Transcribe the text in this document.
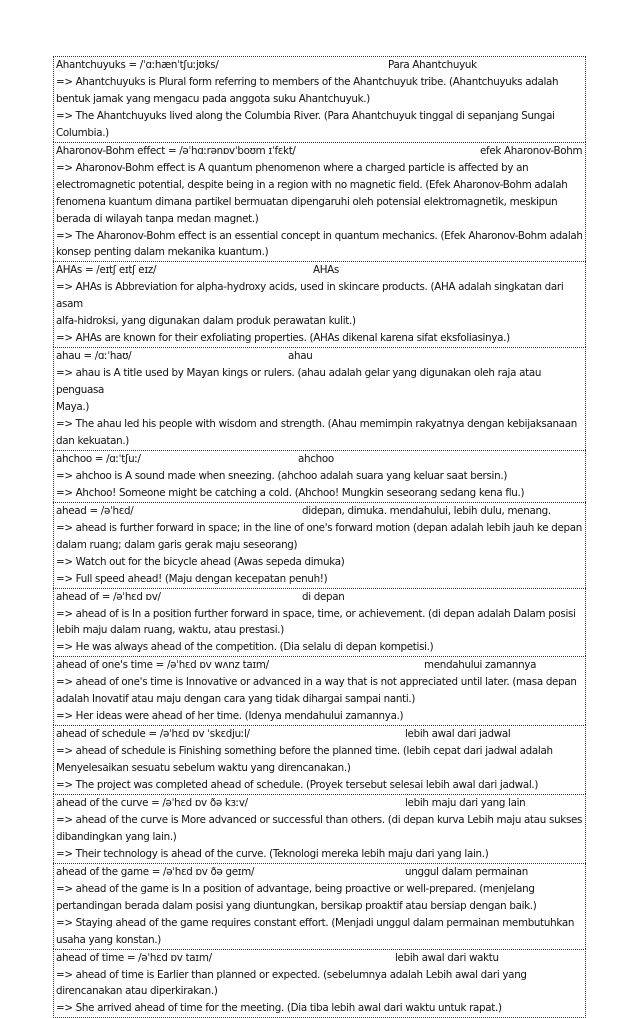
Ahantchuyuks = /ˈɑːhænˈtʃuːjʊks/	Para Ahantchuyuk
=> Ahantchuyuks is Plural form referring to members of the Ahantchuyuk tribe. (Ahantchuyuks adalah
bentuk jamak yang mengacu pada anggota suku Ahantchuyuk.)
=> The Ahantchuyuks lived along the Columbia River. (Para Ahantchuyuk tinggal di sepanjang Sungai
Columbia.)
Aharonov-Bohm effect = /əˈhɑːrənɒvˈboʊm ɪˈfɛkt/	efek Aharonov-Bohm
=> Aharonov-Bohm effect is A quantum phenomenon where a charged particle is affected by an
electromagnetic potential, despite being in a region with no magnetic field. (Efek Aharonov-Bohm adalah
fenomena kuantum dimana partikel bermuatan dipengaruhi oleh potensial elektromagnetik, meskipun
berada di wilayah tanpa medan magnet.)
=> The Aharonov-Bohm effect is an essential concept in quantum mechanics. (Efek Aharonov-Bohm adalah
konsep penting dalam mekanika kuantum.)
AHAs = /eɪtʃ eɪtʃ eɪz/	AHAs
=> AHAs is Abbreviation for alpha-hydroxy acids, used in skincare products. (AHA adalah singkatan dari asam
alfa-hidroksi, yang digunakan dalam produk perawatan kulit.)
=> AHAs are known for their exfoliating properties. (AHAs dikenal karena sifat eksfoliasinya.)
ahau = /ɑːˈhaʊ/	ahau
=> ahau is A title used by Mayan kings or rulers. (ahau adalah gelar yang digunakan oleh raja atau penguasa
Maya.)
=> The ahau led his people with wisdom and strength. (Ahau memimpin rakyatnya dengan kebijaksanaan
dan kekuatan.)
ahchoo = /ɑːˈtʃuː/	ahchoo
=> ahchoo is A sound made when sneezing. (ahchoo adalah suara yang keluar saat bersin.)
=> Ahchoo! Someone might be catching a cold. (Ahchoo! Mungkin seseorang sedang kena flu.)
ahead = /əˈhɛd/	didepan, dimuka. mendahului, lebih dulu, menang.
=> ahead is further forward in space; in the line of one's forward motion (depan adalah lebih jauh ke depan
dalam ruang; dalam garis gerak maju seseorang)
=> Watch out for the bicycle ahead (Awas sepeda dimuka)
=> Full speed ahead! (Maju dengan kecepatan penuh!)
ahead of = /əˈhɛd ɒv/	di depan
=> ahead of is In a position further forward in space, time, or achievement. (di depan adalah Dalam posisi
lebih maju dalam ruang, waktu, atau prestasi.)
=> He was always ahead of the competition. (Dia selalu di depan kompetisi.)
ahead of one's time = /əˈhɛd ɒv wʌnz taɪm/	mendahului zamannya
=> ahead of one's time is Innovative or advanced in a way that is not appreciated until later. (masa depan
adalah Inovatif atau maju dengan cara yang tidak dihargai sampai nanti.)
=> Her ideas were ahead of her time. (Idenya mendahului zamannya.)
ahead of schedule = /əˈhɛd ɒv ˈskɛdjuːl/	lebih awal dari jadwal
=> ahead of schedule is Finishing something before the planned time. (lebih cepat dari jadwal adalah
Menyelesaikan sesuatu sebelum waktu yang direncanakan.)
=> The project was completed ahead of schedule. (Proyek tersebut selesai lebih awal dari jadwal.)
ahead of the curve = /əˈhɛd ɒv ðə kɜːv/	lebih maju dari yang lain
=> ahead of the curve is More advanced or successful than others. (di depan kurva Lebih maju atau sukses
dibandingkan yang lain.)
=> Their technology is ahead of the curve. (Teknologi mereka lebih maju dari yang lain.)
ahead of the game = /əˈhɛd ɒv ðə geɪm/	unggul dalam permainan
=> ahead of the game is In a position of advantage, being proactive or well-prepared. (menjelang
pertandingan berada dalam posisi yang diuntungkan, bersikap proaktif atau bersiap dengan baik.)
=> Staying ahead of the game requires constant effort. (Menjadi unggul dalam permainan membutuhkan
usaha yang konstan.)
ahead of time = /əˈhɛd ɒv taɪm/	lebih awal dari waktu
=> ahead of time is Earlier than planned or expected. (sebelumnya adalah Lebih awal dari yang
direncanakan atau diperkirakan.)
=> She arrived ahead of time for the meeting. (Dia tiba lebih awal dari waktu untuk rapat.)
